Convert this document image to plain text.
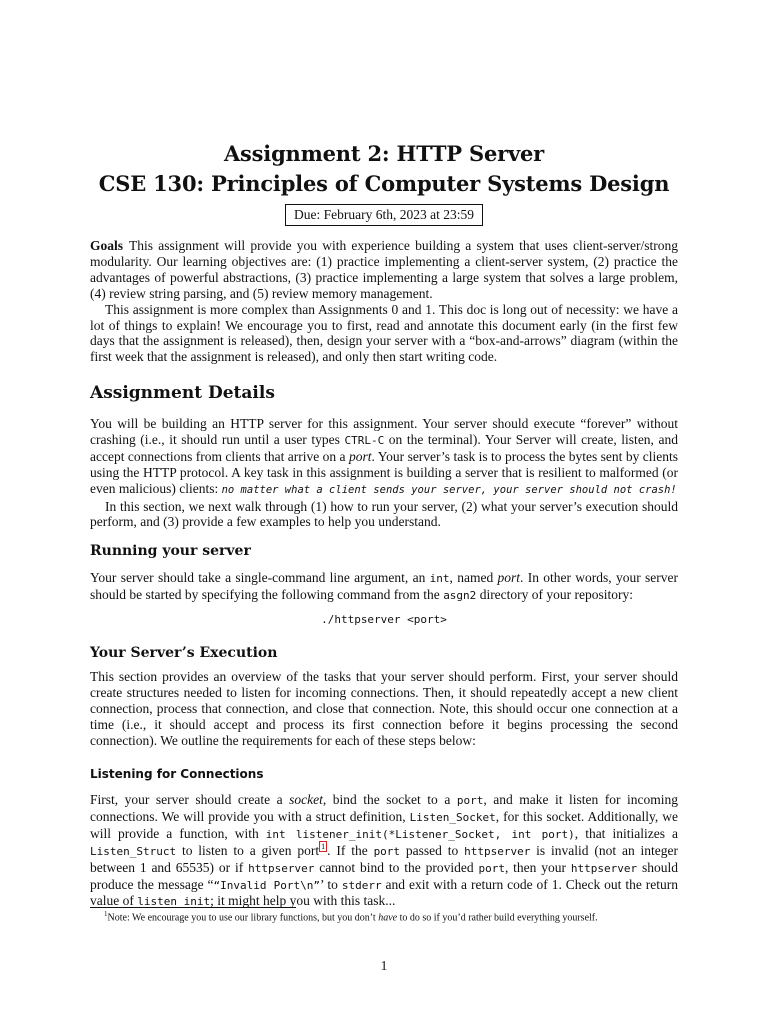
Assignment 2: HTTP Server
CSE 130: Principles of Computer Systems Design
Due: February 6th, 2023 at 23:59

Goals This assignment will provide you with experience building a system that uses client-server/strong modularity. Our learning objectives are: (1) practice implementing a client-server system, (2) practice the advantages of powerful abstractions, (3) practice implementing a large system that solves a large problem, (4) review string parsing, and (5) review memory management.

This assignment is more complex than Assignments 0 and 1. This doc is long out of necessity: we have a lot of things to explain! We encourage you to first, read and annotate this document early (in the first few days that the assignment is released), then, design your server with a “box-and-arrows” diagram (within the first week that the assignment is released), and only then start writing code.

Assignment Details

You will be building an HTTP server for this assignment. Your server should execute “forever” without crashing (i.e., it should run until a user types CTRL-C on the terminal). Your Server will create, listen, and accept connections from clients that arrive on a port. Your server’s task is to process the bytes sent by clients using the HTTP protocol. A key task in this assignment is building a server that is resilient to malformed (or even malicious) clients: no matter what a client sends your server, your server should not crash!

In this section, we next walk through (1) how to run your server, (2) what your server’s execution should perform, and (3) provide a few examples to help you understand.

Running your server

Your server should take a single-command line argument, an int, named port. In other words, your server should be started by specifying the following command from the asgn2 directory of your repository:

./httpserver <port>
Your Server’s Execution

This section provides an overview of the tasks that your server should perform. First, your server should create structures needed to listen for incoming connections. Then, it should repeatedly accept a new client connection, process that connection, and close that connection. Note, this should occur one connection at a time (i.e., it should accept and process its first connection before it begins processing the second connection). We outline the requirements for each of these steps below:

Listening for Connections

First, your server should create a socket, bind the socket to a port, and make it listen for incoming connections. We will provide you with a struct definition, Listen_Socket, for this socket. Additionally, we will provide a function, with int listener_init(*Listener_Socket, int port), that initializes a Listen_Struct to listen to a given port $^1$ . If the port passed to httpserver is invalid (not an integer between 1 and 65535) or if httpserver cannot bind to the provided port, then your httpserver should produce the message ““Invalid Port\n”’ to stderr and exit with a return code of 1. Check out the return value of listen_init; it might help you with this task...

$^1$Note: We encourage you to use our library functions, but you don’t have to do so if you’d rather build everything yourself.
1
